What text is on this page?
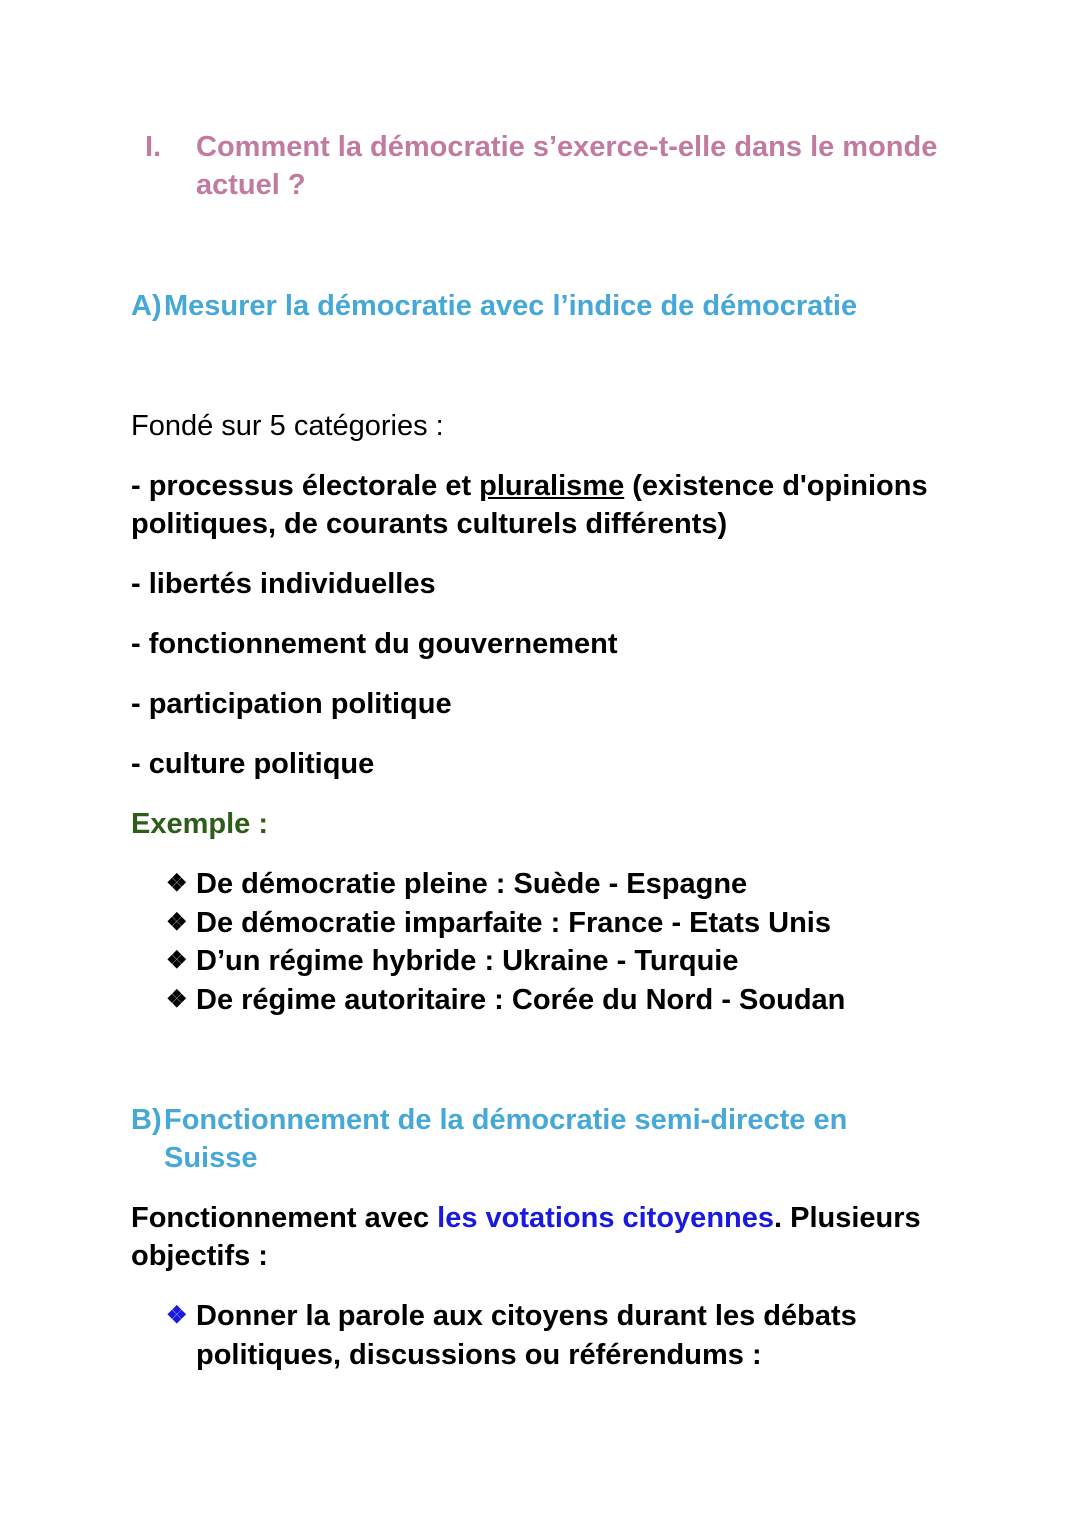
I. Comment la démocratie s’exerce-t-elle dans le monde actuel ?
A) Mesurer la démocratie avec l’indice de démocratie
Fondé sur 5 catégories :
- processus électorale et pluralisme (existence d'opinions politiques, de courants culturels différents)
- libertés individuelles
- fonctionnement du gouvernement
- participation politique
- culture politique
Exemple :
❖ De démocratie pleine : Suède - Espagne
❖ De démocratie imparfaite : France - Etats Unis
❖ D’un régime hybride : Ukraine - Turquie
❖ De régime autoritaire : Corée du Nord - Soudan
B) Fonctionnement de la démocratie semi-directe en Suisse
Fonctionnement avec les votations citoyennes. Plusieurs objectifs :
❖ Donner la parole aux citoyens durant les débats politiques, discussions ou référendums :
